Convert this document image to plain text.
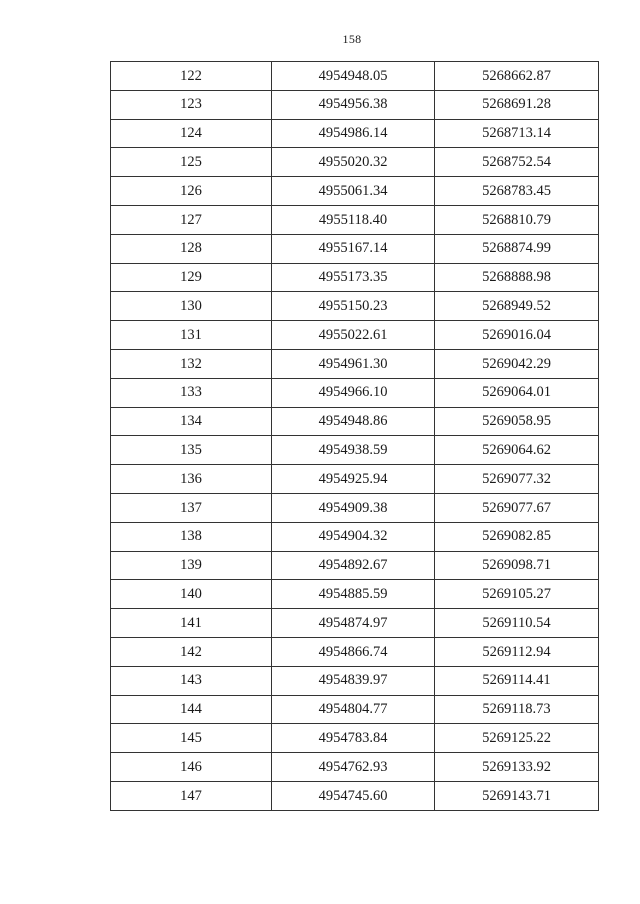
158
122	4954948.05	5268662.87
123	4954956.38	5268691.28
124	4954986.14	5268713.14
125	4955020.32	5268752.54
126	4955061.34	5268783.45
127	4955118.40	5268810.79
128	4955167.14	5268874.99
129	4955173.35	5268888.98
130	4955150.23	5268949.52
131	4955022.61	5269016.04
132	4954961.30	5269042.29
133	4954966.10	5269064.01
134	4954948.86	5269058.95
135	4954938.59	5269064.62
136	4954925.94	5269077.32
137	4954909.38	5269077.67
138	4954904.32	5269082.85
139	4954892.67	5269098.71
140	4954885.59	5269105.27
141	4954874.97	5269110.54
142	4954866.74	5269112.94
143	4954839.97	5269114.41
144	4954804.77	5269118.73
145	4954783.84	5269125.22
146	4954762.93	5269133.92
147	4954745.60	5269143.71
